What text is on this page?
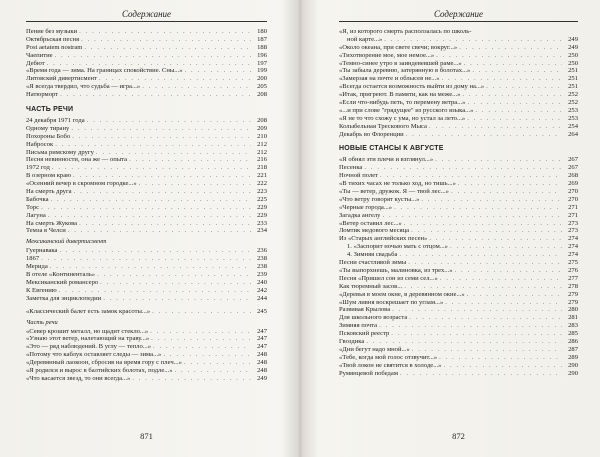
Содержание
Пение без музыки . . .	180
Октябрьская песня . . .	187
Post aetatem nostram . . .	188
Чаепитие . . .	196
Дебют . . .	197
«Время года — зима. На границах спокойствие. Сны...» . . .	199
Литовский дивертисмент . . .	200
«Я всегда твердил, что судьба — игра...» . . .	205
Натюрморт . . .	208
ЧАСТЬ РЕЧИ
24 декабря 1971 года . . .	208
Одному тирану . . .	209
Похороны Бобо . . .	210
Набросок . . .	212
Письма римскому другу . . .	212
Песня невинности, она же — опыта . . .	216
1972 год . . .	218
В озерном краю . . .	221
«Осенний вечер в скромном городке...» . . .	222
На смерть друга . . .	223
Бабочка . . .	225
Торс . . .	229
Лагуна . . .	229
На смерть Жукова . . .	233
Темза в Челси . . .	234
Мексиканский дивертисмент
Гуернавака . . .	236
1867 . . .	238
Мерида . . .	238
В отеле «Континенталь» . . .	239
Мексиканский романсеро . . .	240
К Евгению . . .	242
Заметка для энциклопедии . . .	244
«Классический балет есть замок красоты...» . . .	245
Часть речи
«Север крошит металл, но щадит стекло...» . . .	247
«Узнаю этот ветер, налетающий на траву...» . . .	247
«Это — ряд наблюдений. В углу — тепло...» . . .	247
«Потому что каблук оставляет следы — зима...» . . .	248
«Деревянный лаокоон, сбросив на время гору с плеч...» . . .	248
«Я родился и вырос в балтийских болотах, подле...» . . .	248
«Что касается звезд, то они всегда...» . . .	249
871
Содержание
«Я, из которого смерть расползалась по школь-
ной карте...» . . .	249
«Около океана, при свете свечи; вокруг...» . . .	249
«Тихотворение мое, мое немое...» . . .	250
«Темно-синее утро в заиндевевшей раме...» . . .	250
«Ты забыла деревню, затерянную в болотах...» . . .	251
«Замерзая на почте и облысев не...» . . .	251
«Всегда остается возможность выйти из дому на...» . . .	251
«Итак, пригреют. В памяти, как на меже...» . . .	252
«Если что-нибудь петь, то перемену ветра...» . . .	252
«...и при слове "грядущее" из русского языка...» . . .	253
«Я не то что схожу с ума, но устал за лето...» . . .	253
Колыбельная Трескового Мыса . . .	254
Декабрь во Флоренции . . .	264
НОВЫЕ СТАНСЫ К АВГУСТЕ
«Я обнял эти плечи и взглянул...» . . .	267
Песенка . . .	267
Ночной полет . . .	268
«В тихих часах не только ход, но тишь...» . . .	269
«Ты — ветер, дружок. Я — твой лес...» . . .	270
«Что ветру говорят кусты...» . . .	270
«Черные города...» . . .	271
Загадка ангелу . . .	271
«Ветер оставил лес...» . . .	273
Ломтик медового месяца . . .	273
Из «Старых английских песен» . . .	274
1. «Заспорит ночью мать с отцом...» . . .	274
4. Зимняя свадьба . . .	274
Песни счастливой зимы . . .	275
«Ты выпорхнешь, малиновка, из трех...» . . .	276
Песня «Пришел сон из семи сел...» . . .	277
Как тюремный засов... . . .	278
«Деревья в моем окне, в деревянном окне...» . . .	279
«Шум ливня воскрешает по углам...» . . .	279
Развивая Крылова . . .	280
Для школьного возраста . . .	281
Зимняя почта . . .	283
Псковский реестр . . .	285
Гвоздика . . .	286
«Дни бегут надо мной...» . . .	287
«Тебе, когда мой голос отзвучит...» . . .	289
«Твой локон не святится в холоде...» . . .	290
Румянцевой победам . . .	290
872
